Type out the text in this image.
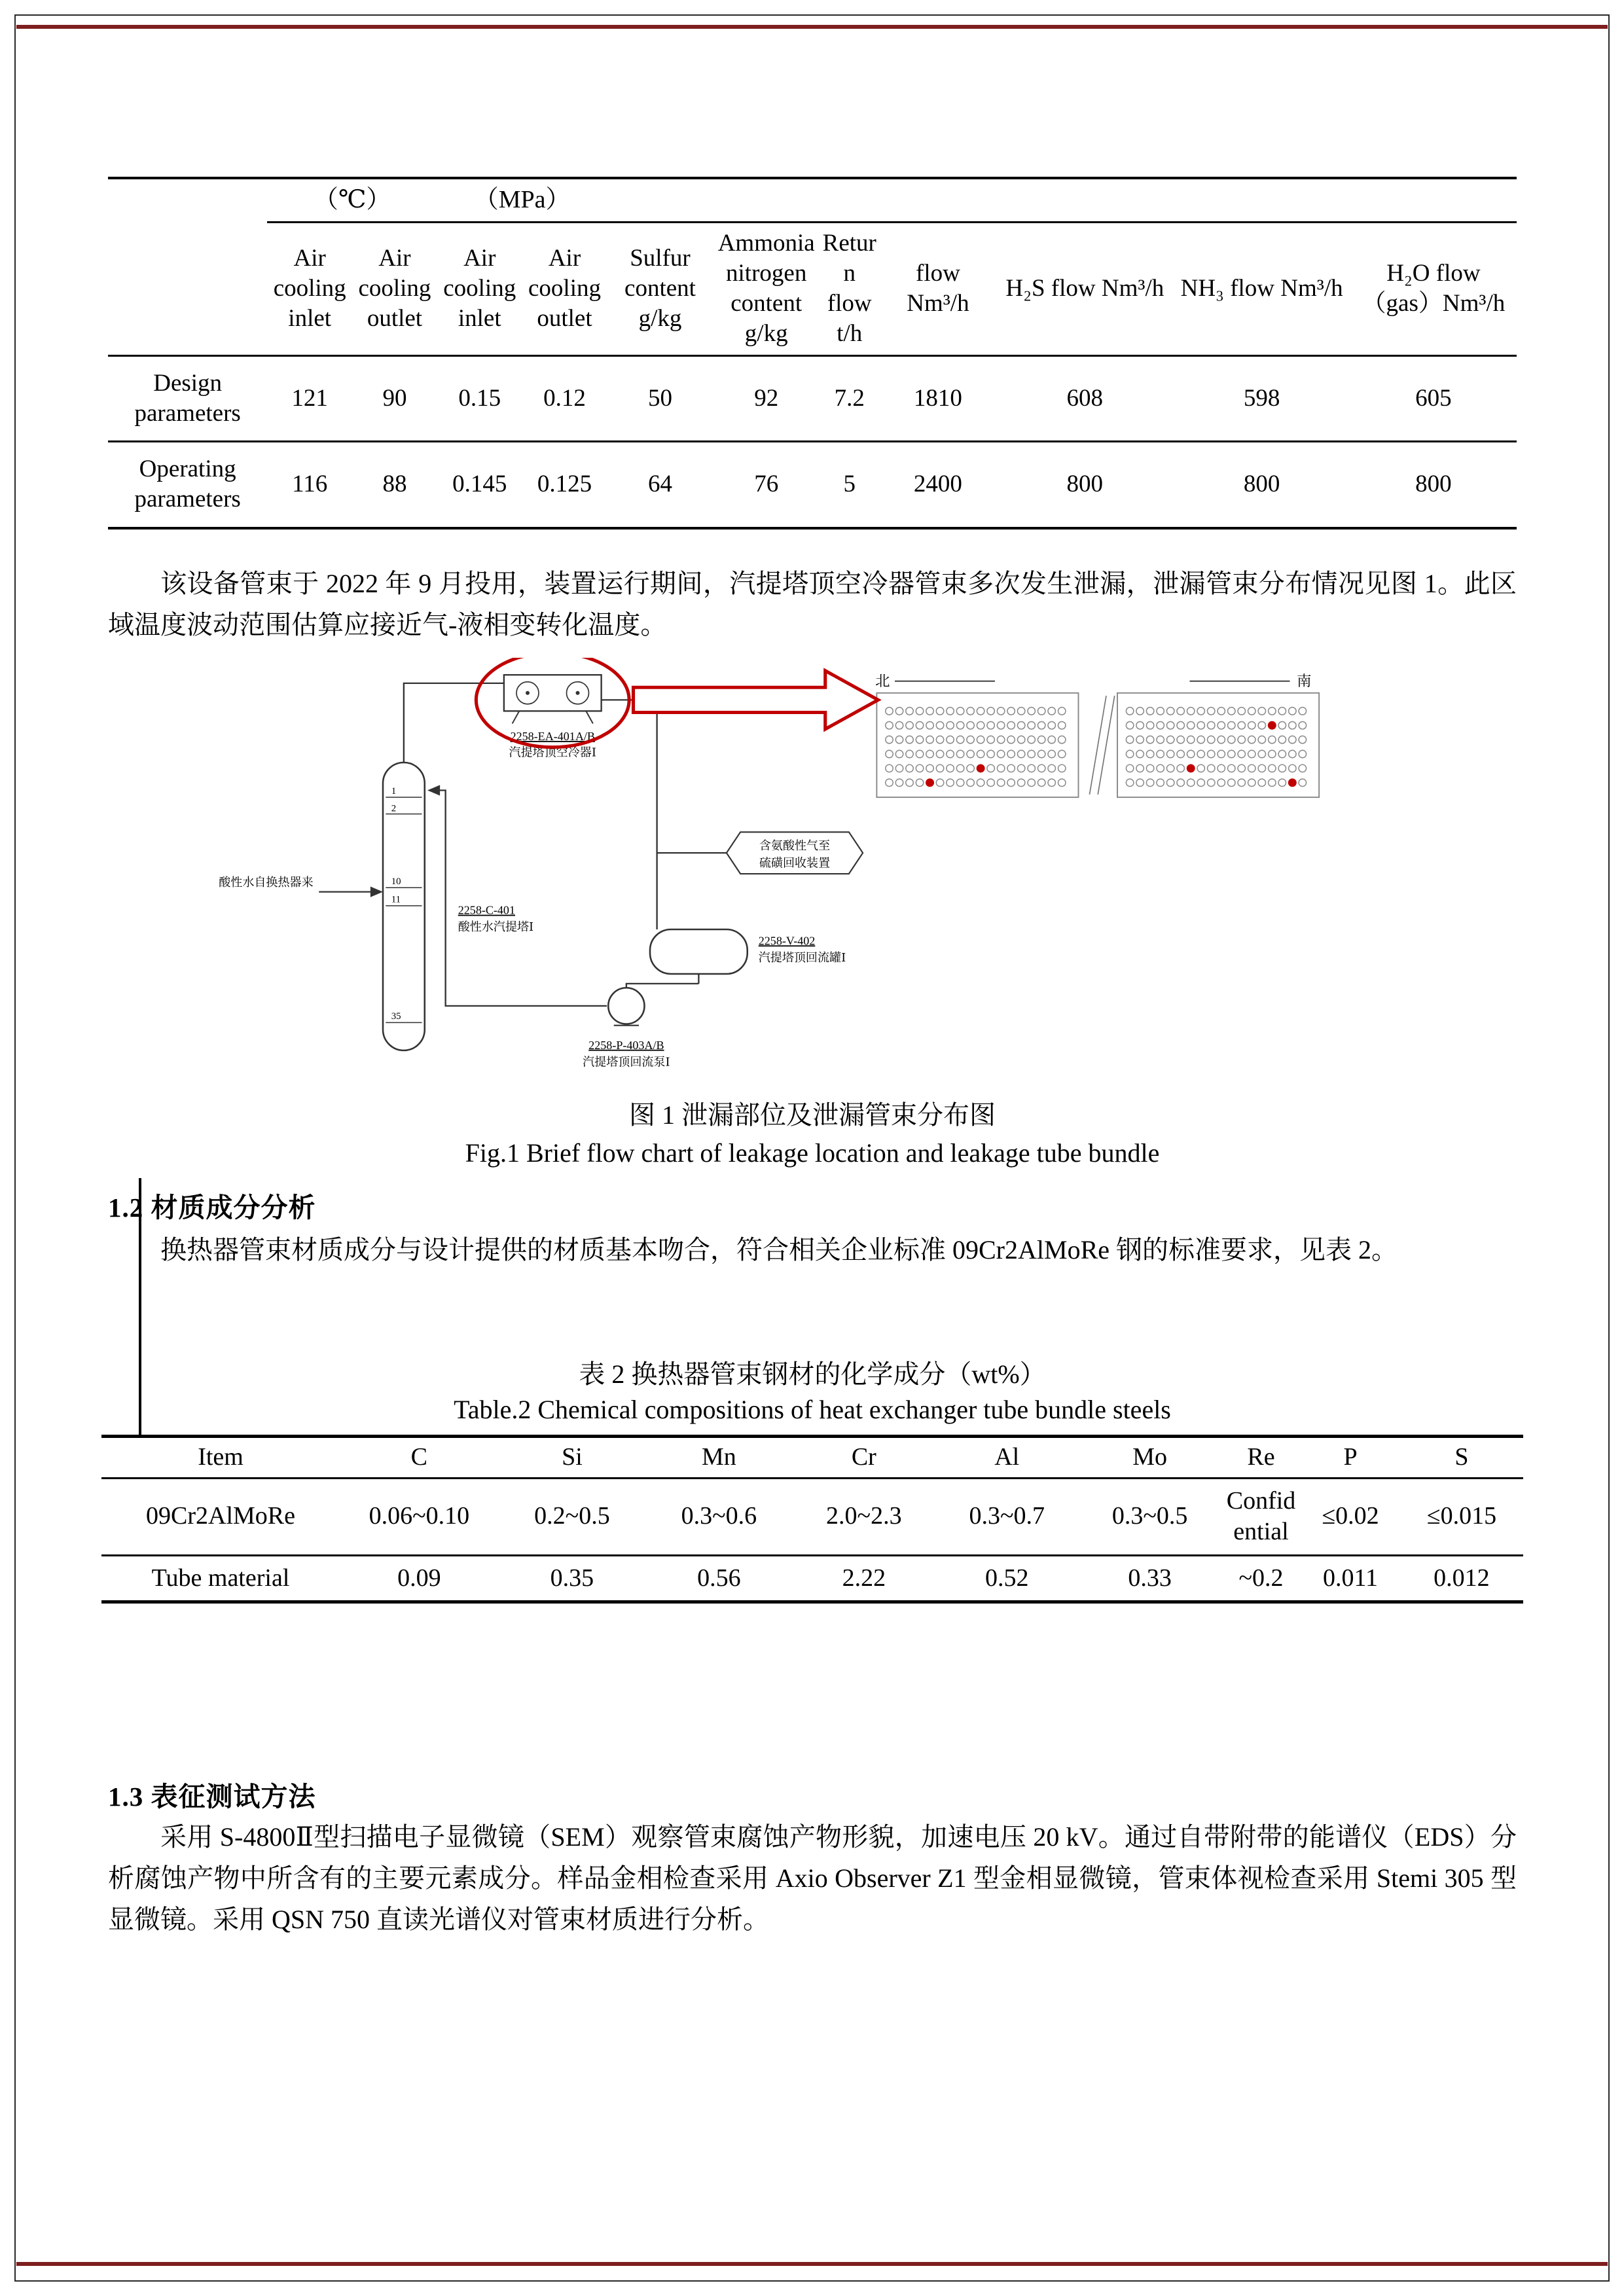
	（℃）		（MPa）								
	Air cooling inlet	Air cooling outlet	Air cooling inlet	Air cooling outlet	Sulfur content g/kg	Ammonia nitrogen content g/kg	Return flow t/h	flow Nm³/h	H₂S flow Nm³/h	NH₃ flow Nm³/h	H₂O flow（gas）Nm³/h
Design parameters	121	90	0.15	0.12	50	92	7.2	1810	608	598	605
Operating parameters	116	88	0.145	0.125	64	76	5	2400	800	800	800

该设备管束于 2022 年 9 月投用，装置运行期间，汽提塔顶空冷器管束多次发生泄漏，泄漏管束分布情况见图 1。此区域温度波动范围估算应接近气-液相变转化温度。

1
2
10
11
35
2258-C-401
酸性水汽提塔Ⅰ
酸性水自换热器来
2258-EA-401A/B
汽提塔顶空冷器Ⅰ
含氨酸性气至
硫磺回收装置
2258-V-402
汽提塔顶回流罐Ⅰ
2258-P-403A/B
汽提塔顶回流泵Ⅰ
北	南
图 1 泄漏部位及泄漏管束分布图
Fig.1 Brief flow chart of leakage location and leakage tube bundle
1.2 材质成分分析

换热器管束材质成分与设计提供的材质基本吻合，符合相关企业标准 09Cr2AlMoRe 钢的标准要求，见表 2。

表 2 换热器管束钢材的化学成分（wt%）
Table.2 Chemical compositions of heat exchanger tube bundle steels
Item	C	Si	Mn	Cr	Al	Mo	Re	P	S
09Cr2AlMoRe	0.06~0.10	0.2~0.5	0.3~0.6	2.0~2.3	0.3~0.7	0.3~0.5	Confidential	≤0.02	≤0.015
Tube material	0.09	0.35	0.56	2.22	0.52	0.33	~0.2	0.011	0.012
1.3 表征测试方法

采用 S-4800Ⅱ型扫描电子显微镜（SEM）观察管束腐蚀产物形貌，加速电压 20 kV。通过自带附带的能谱仪（EDS）分析腐蚀产物中所含有的主要元素成分。样品金相检查采用 Axio Observer Z1 型金相显微镜，管束体视检查采用 Stemi 305 型显微镜。采用 QSN 750 直读光谱仪对管束材质进行分析。
